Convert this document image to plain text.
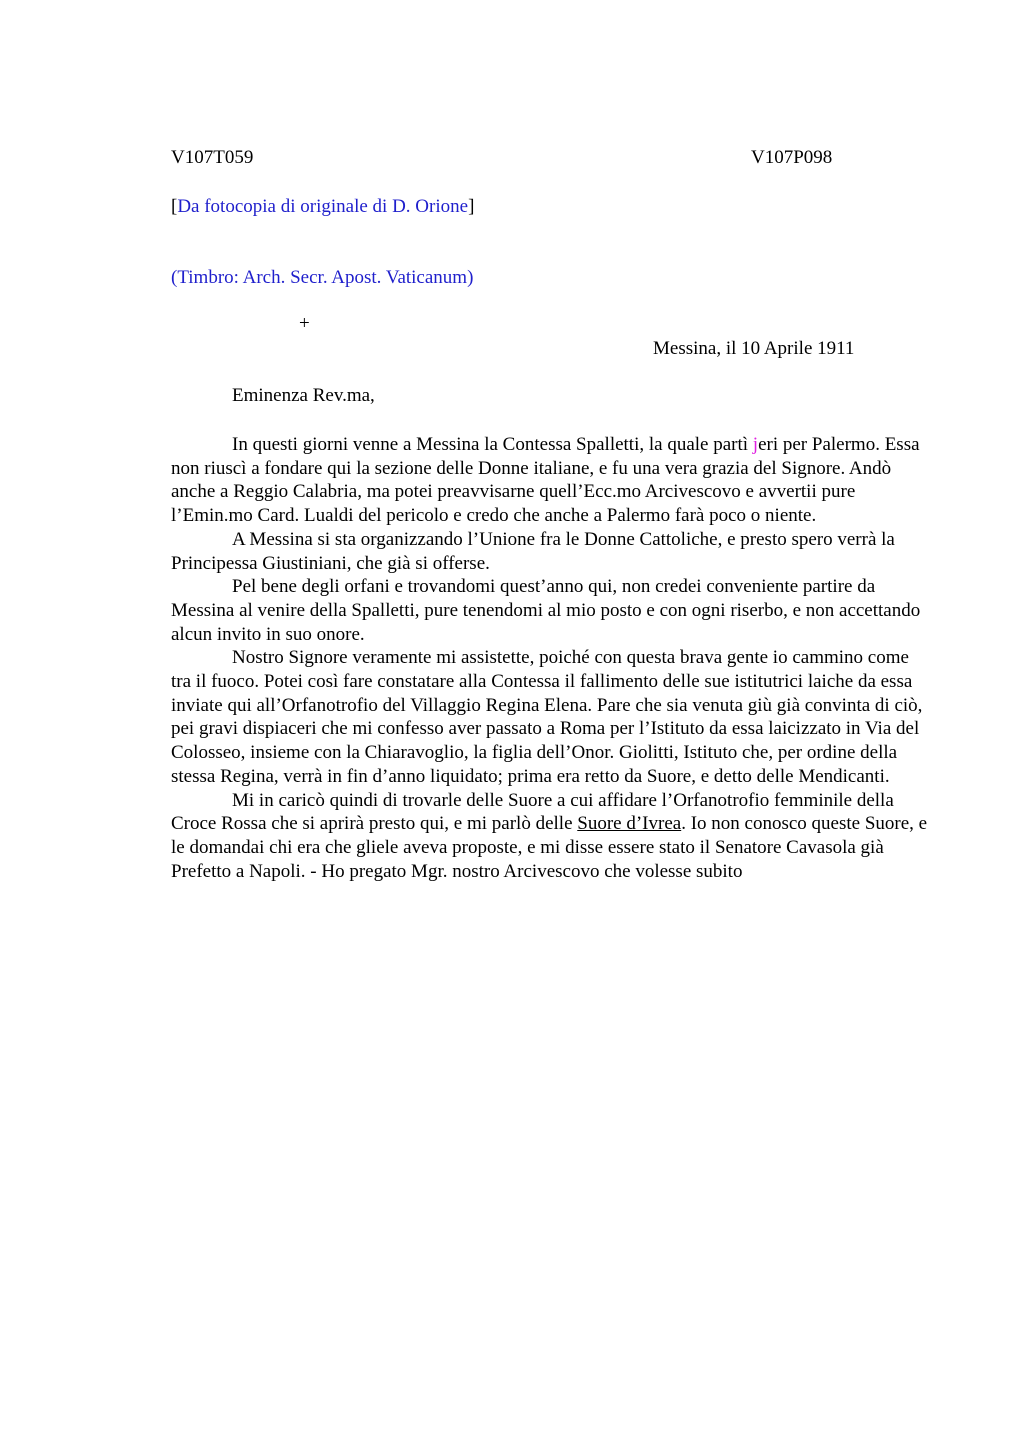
V107T059	V107P098
[Da fotocopia di originale di D. Orione]
(Timbro: Arch. Secr. Apost. Vaticanum)
+
Messina, il 10 Aprile 1911
Eminenza Rev.ma,

In questi giorni venne a Messina la Contessa Spalletti, la quale partì jeri per Palermo. Essa non riuscì a fondare qui la sezione delle Donne italiane, e fu una vera grazia del Signore. Andò anche a Reggio Calabria, ma potei preavvisarne quell’Ecc.mo Arcivescovo e avvertii pure l’Emin.mo Card. Lualdi del pericolo e credo che anche a Palermo farà poco o niente.

A Messina si sta organizzando l’Unione fra le Donne Cattoliche, e presto spero verrà la Principessa Giustiniani, che già si offerse.

Pel bene degli orfani e trovandomi quest’anno qui, non credei conveniente partire da Messina al venire della Spalletti, pure tenendomi al mio posto e con ogni riserbo, e non accettando alcun invito in suo onore.

Nostro Signore veramente mi assistette, poiché con questa brava gente io cammino come tra il fuoco. Potei così fare constatare alla Contessa il fallimento delle sue istitutrici laiche da essa inviate qui all’Orfanotrofio del Villaggio Regina Elena. Pare che sia venuta giù già convinta di ciò, pei gravi dispiaceri che mi confesso aver passato a Roma per l’Istituto da essa laicizzato in Via del Colosseo, insieme con la Chiaravoglio, la figlia dell’Onor. Giolitti, Istituto che, per ordine della stessa Regina, verrà in fin d’anno liquidato; prima era retto da Suore, e detto delle Mendicanti.

Mi in caricò quindi di trovarle delle Suore a cui affidare l’Orfanotrofio femminile della Croce Rossa che si aprirà presto qui, e mi parlò delle Suore d’Ivrea. Io non conosco queste Suore, e le domandai chi era che gliele aveva proposte, e mi disse essere stato il Senatore Cavasola già Prefetto a Napoli. - Ho pregato Mgr. nostro Arcivescovo che volesse subito
